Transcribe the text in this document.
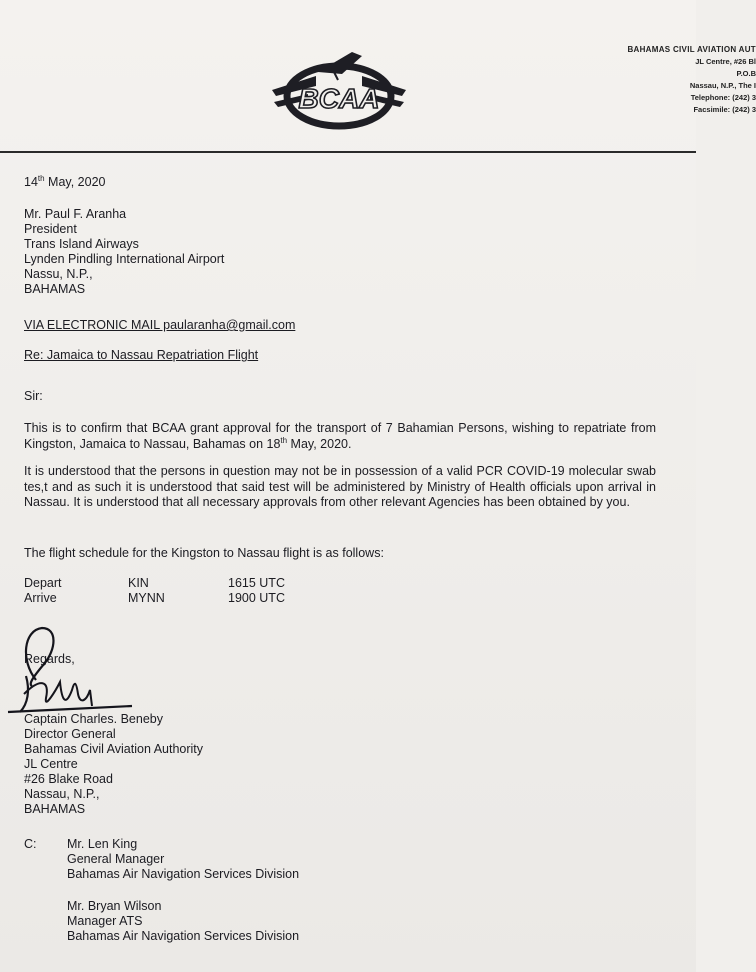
BCAA
BAHAMAS CIVIL AVIATION AUT
JL Centre, #26 Bl
P.O.B
Nassau, N.P., The I
Telephone: (242) 3
Facsimile: (242) 3
14th May, 2020
Mr. Paul F. Aranha
President
Trans Island Airways
Lynden Pindling International Airport
Nassu, N.P.,
BAHAMAS
VIA ELECTRONIC MAIL paularanha@gmail.com
Re: Jamaica to Nassau Repatriation Flight
Sir:
This is to confirm that BCAA grant approval for the transport of 7 Bahamian Persons, wishing to repatriate from Kingston, Jamaica to Nassau, Bahamas on 18th May, 2020.
It is understood that the persons in question may not be in possession of a valid PCR COVID-19 molecular swab tes,t and as such it is understood that said test will be administered by Ministry of Health officials upon arrival in Nassau. It is understood that all necessary approvals from other relevant Agencies has been obtained by you.
The flight schedule for the Kingston to Nassau flight is as follows:
Depart	KIN	1615 UTC
Arrive	MYNN	1900 UTC
Regards,
Captain Charles. Beneby
Director General
Bahamas Civil Aviation Authority
JL Centre
#26 Blake Road
Nassau, N.P.,
BAHAMAS
C: Mr. Len King
General Manager
Bahamas Air Navigation Services Division
Mr. Bryan Wilson
Manager ATS
Bahamas Air Navigation Services Division
